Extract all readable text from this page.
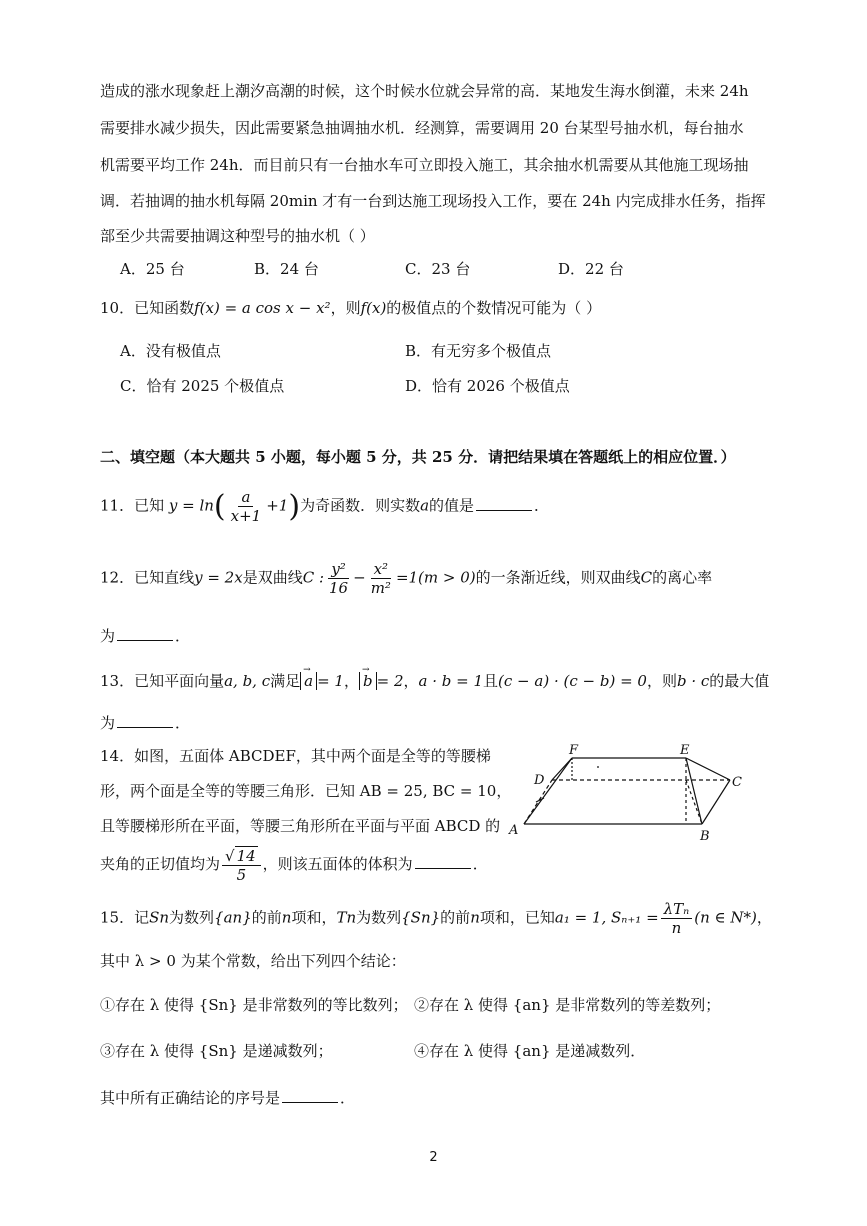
造成的涨水现象赶上潮汐高潮的时候，这个时候水位就会异常的高．某地发生海水倒灌，未来 24h
需要排水减少损失，因此需要紧急抽调抽水机．经测算，需要调用 20 台某型号抽水机，每台抽水
机需要平均工作 24h．而目前只有一台抽水车可立即投入施工，其余抽水机需要从其他施工现场抽
调．若抽调的抽水机每隔 20min 才有一台到达施工现场投入工作，要在 24h 内完成排水任务，指挥
部至少共需要抽调这种型号的抽水机（ ）
A．25 台	B．24 台	C．23 台	D．22 台
10．已知函数f(x) = a cos x − x²，则f(x)的极值点的个数情况可能为（ ）
A．没有极值点	B．有无穷多个极值点
C．恰有 2025 个极值点	D．恰有 2026 个极值点
二、填空题（本大题共 5 小题，每小题 5 分，共 25 分．请把结果填在答题纸上的相应位置．）
11．已知 $y = \ln( \frac{a}{x+1} +1)$为奇函数．则实数a的值是	．
12．已知直线y = 2x是双曲线C : $\frac{\text{y²}}{16} - \frac{\text{x²}}{\text{m²}} =1(m > 0)$的一条渐近线，则双曲线C的离心率
为	．
13．已知平面向量a, b, c满足 → a = 1， → b = 2，a · b = 1且(c − a) · (c − b) = 0，则b · c的最大值
为	．
14．如图，五面体 ABCDEF，其中两个面是全等的等腰梯
形，两个面是全等的等腰三角形．已知 AB = 25, BC = 10，
且等腰梯形所在平面，等腰三角形所在平面与平面 ABCD 的
夹角的正切值均为 $\frac{√ 14}{5}$ ，则该五面体的体积为	．
A	B
C
D
E
F
15．记Sn为数列{an}的前n项和，Tn为数列{Sn}的前n项和，已知a₁ = 1, $S_{n+1} = \frac{\text{λTₙ}}{n} (n$ ∈ N*)，
其中 λ > 0 为某个常数，给出下列四个结论：
①存在 λ 使得 {Sn} 是非常数列的等比数列； ②存在 λ 使得 {an} 是非常数列的等差数列；
③存在 λ 使得 {Sn} 是递减数列；	④存在 λ 使得 {an} 是递减数列．
其中所有正确结论的序号是	．
2
